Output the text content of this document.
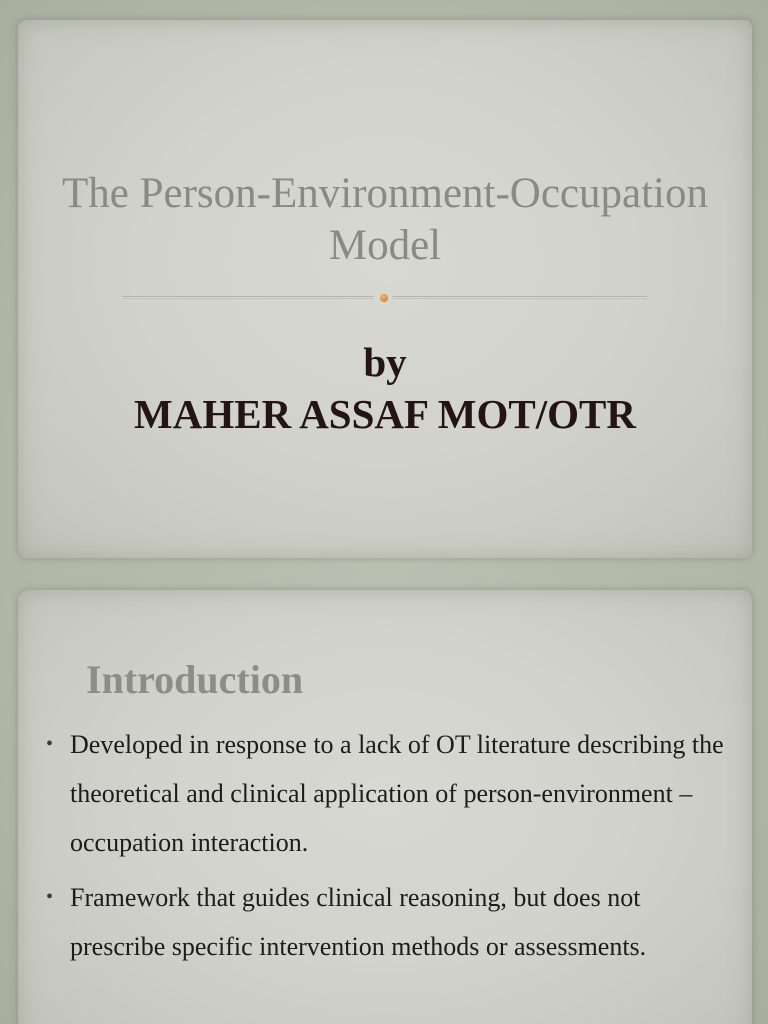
The Person-Environment-Occupation
Model
by
MAHER ASSAF MOT/OTR
Introduction
• Developed in response to a lack of OT literature describing the theoretical and clinical application of person-environment – occupation interaction.
• Framework that guides clinical reasoning, but does not prescribe specific intervention methods or assessments.
